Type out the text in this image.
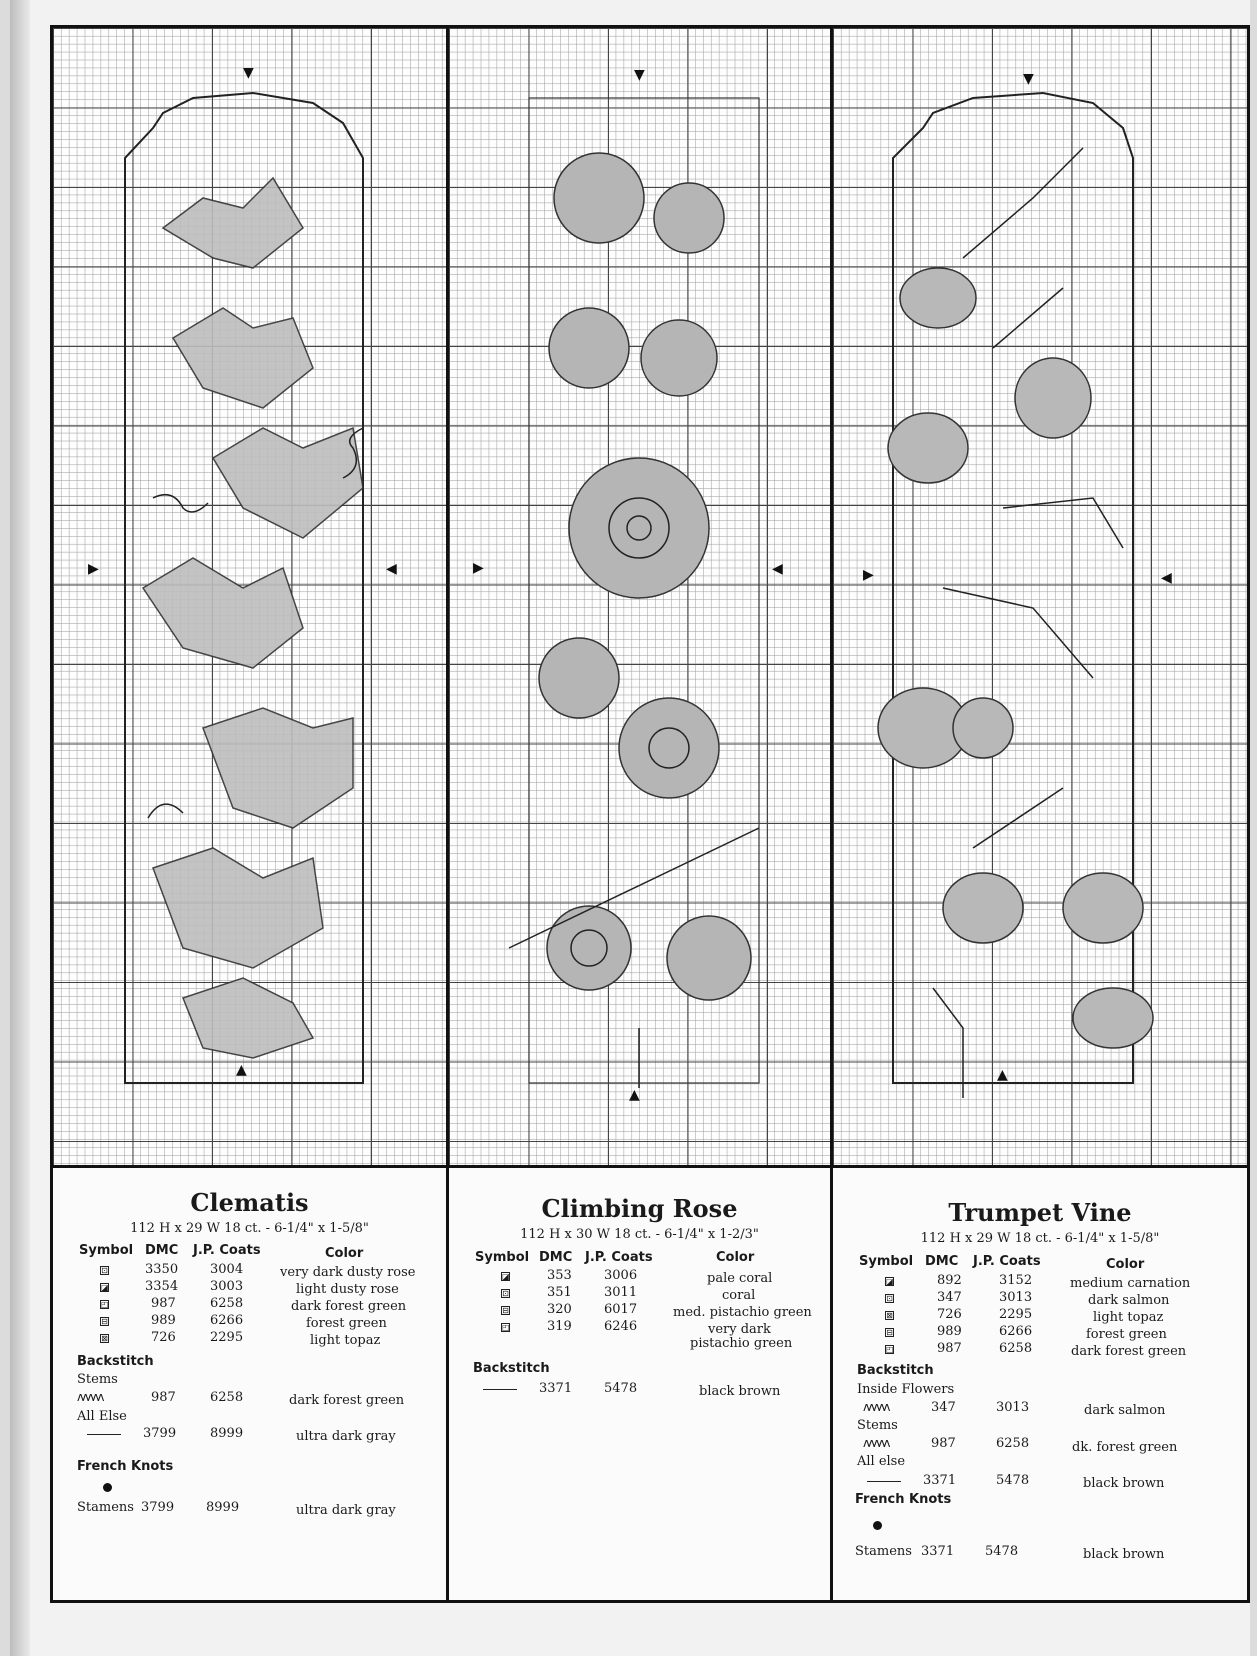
▼
▲
▶	◀
▼
▲
▶	◀
▼
▲
▶	◀
Clematis
112 H x 29 W 18 ct. - 6-1/4" x 1-5/8"
Symbol DMC J.P. Coats	Color
⊡	3350 3004	very dark dusty rose
◪	3354 3003	light dusty rose
◰	987	6258	dark forest green
⊟	989	6266	forest green
⊠	726	2295	light topaz
Backstitch
Stems
ʌʌʌʌʌ	987	6258	dark forest green
All Else
3799	8999	ultra dark gray
French Knots
Stamens 3799 8999	ultra dark gray
Climbing Rose
112 H x 30 W 18 ct. - 6-1/4" x 1-2/3"
Symbol DMC J.P. Coats	Color
◪	353 3006	pale coral
⊡	351 3011	coral
⊟	320 6017	med. pistachio green
◰	319 6246	very dark
pistachio green
Backstitch
3371 5478	black brown
Trumpet Vine
112 H x 29 W 18 ct. - 6-1/4" x 1-5/8"
Symbol DMC J.P. Coats	Color
◪	892	3152	medium carnation
⊡	347	3013	dark salmon
⊠	726	2295	light topaz
⊟	989	6266	forest green
◰	987	6258	dark forest green
Backstitch
Inside Flowers
ʌʌʌʌʌ	347	3013	dark salmon
Stems
ʌʌʌʌʌ	987	6258	dk. forest green
All else
3371	5478	black brown
French Knots
Stamens 3371 5478	black brown
